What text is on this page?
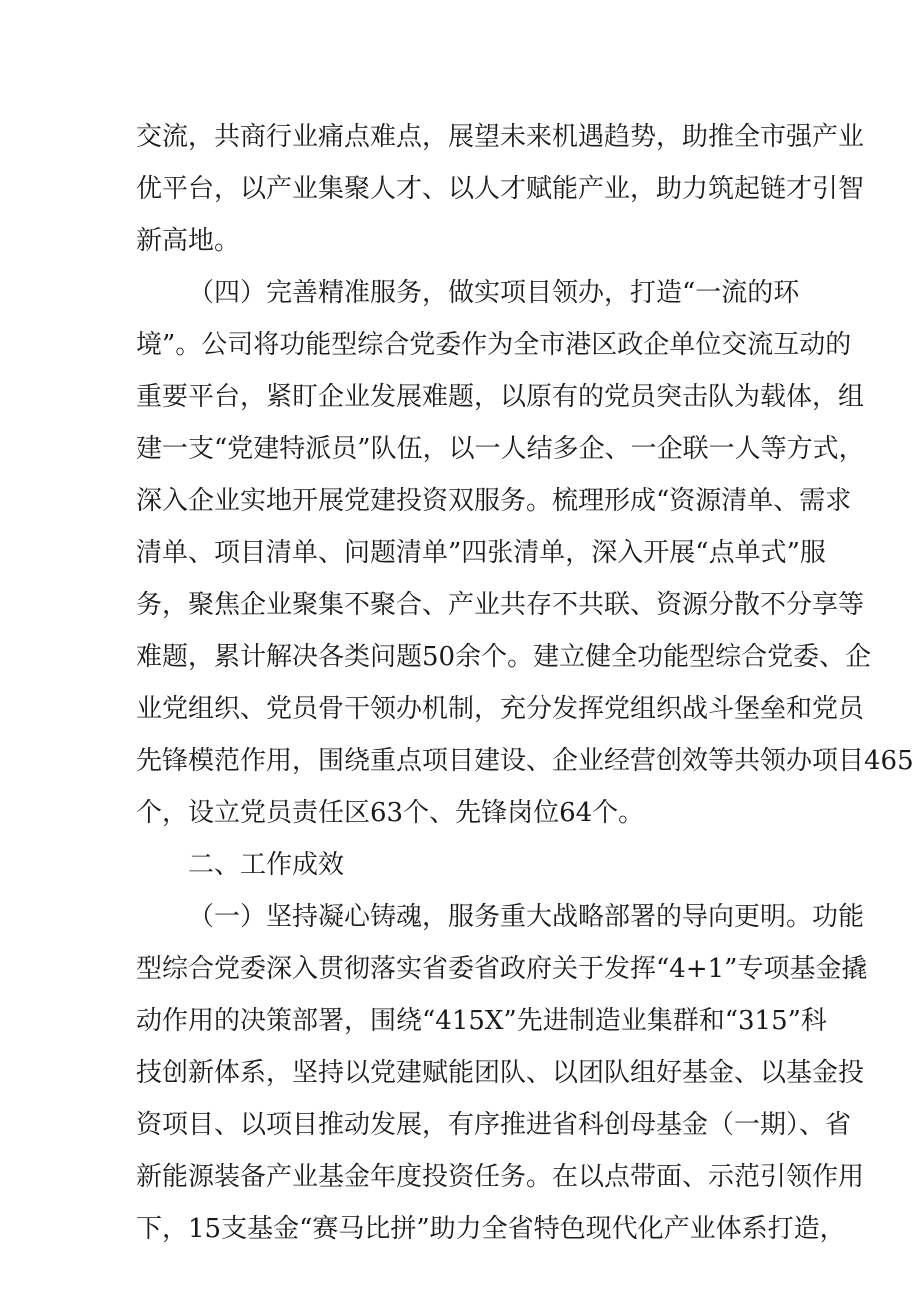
交流，共商行业痛点难点，展望未来机遇趋势，助推全市强产业
优平台，以产业集聚人才、以人才赋能产业，助力筑起链才引智
新高地。
（四）完善精准服务，做实项目领办，打造“一流的环
境”。公司将功能型综合党委作为全市港区政企单位交流互动的
重要平台，紧盯企业发展难题，以原有的党员突击队为载体，组
建一支“党建特派员”队伍，以一人结多企、一企联一人等方式，
深入企业实地开展党建投资双服务。梳理形成“资源清单、需求
清单、项目清单、问题清单”四张清单，深入开展“点单式”服
务，聚焦企业聚集不聚合、产业共存不共联、资源分散不分享等
难题，累计解决各类问题50余个。建立健全功能型综合党委、企
业党组织、党员骨干领办机制，充分发挥党组织战斗堡垒和党员
先锋模范作用，围绕重点项目建设、企业经营创效等共领办项目465
个，设立党员责任区63个、先锋岗位64个。
二、工作成效
（一）坚持凝心铸魂，服务重大战略部署的导向更明。功能
型综合党委深入贯彻落实省委省政府关于发挥“4+1”专项基金撬
动作用的决策部署，围绕“415X”先进制造业集群和“315”科
技创新体系，坚持以党建赋能团队、以团队组好基金、以基金投
资项目、以项目推动发展，有序推进省科创母基金（一期）、省
新能源装备产业基金年度投资任务。在以点带面、示范引领作用
下，15支基金“赛马比拼”助力全省特色现代化产业体系打造，
